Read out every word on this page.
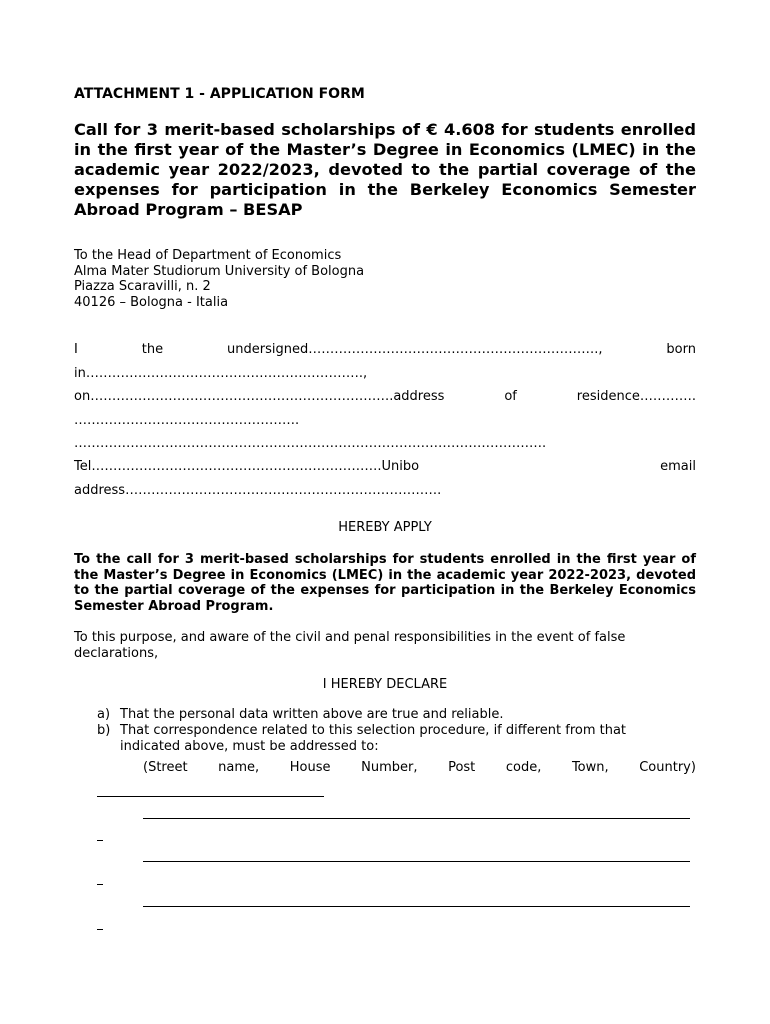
ATTACHMENT 1 - APPLICATION FORM
Call for 3 merit-based scholarships of € 4.608 for students enrolled in the first year of the Master’s Degree in Economics (LMEC) in the academic year 2022/2023, devoted to the partial coverage of the expenses for participation in the Berkeley Economics Semester Abroad Program – BESAP
To the Head of Department of Economics
Alma Mater Studiorum University of Bologna
Piazza Scaravilli, n. 2
40126 – Bologna - Italia
I	the	undersigned………………………………………………………….,	born
in……………………………………………………….,
on…………………………………………………………….address	of	residence………….
…………………………………………….
……………………………………………………………………………………………….
Tel………………………………………………………….Unibo	email
address……………………………………………………………….
HEREBY APPLY

To the call for 3 merit-based scholarships for students enrolled in the first year of the Master’s Degree in Economics (LMEC) in the academic year 2022-2023, devoted to the partial coverage of the expenses for participation in the Berkeley Economics Semester Abroad Program.

To this purpose, and aware of the civil and penal responsibilities in the event of false declarations,

I HEREBY DECLARE
a) That the personal data written above are true and reliable.
b) That correspondence related to this selection procedure, if different from that
indicated above, must be addressed to:
(Street name, House Number, Post code, Town, Country)
